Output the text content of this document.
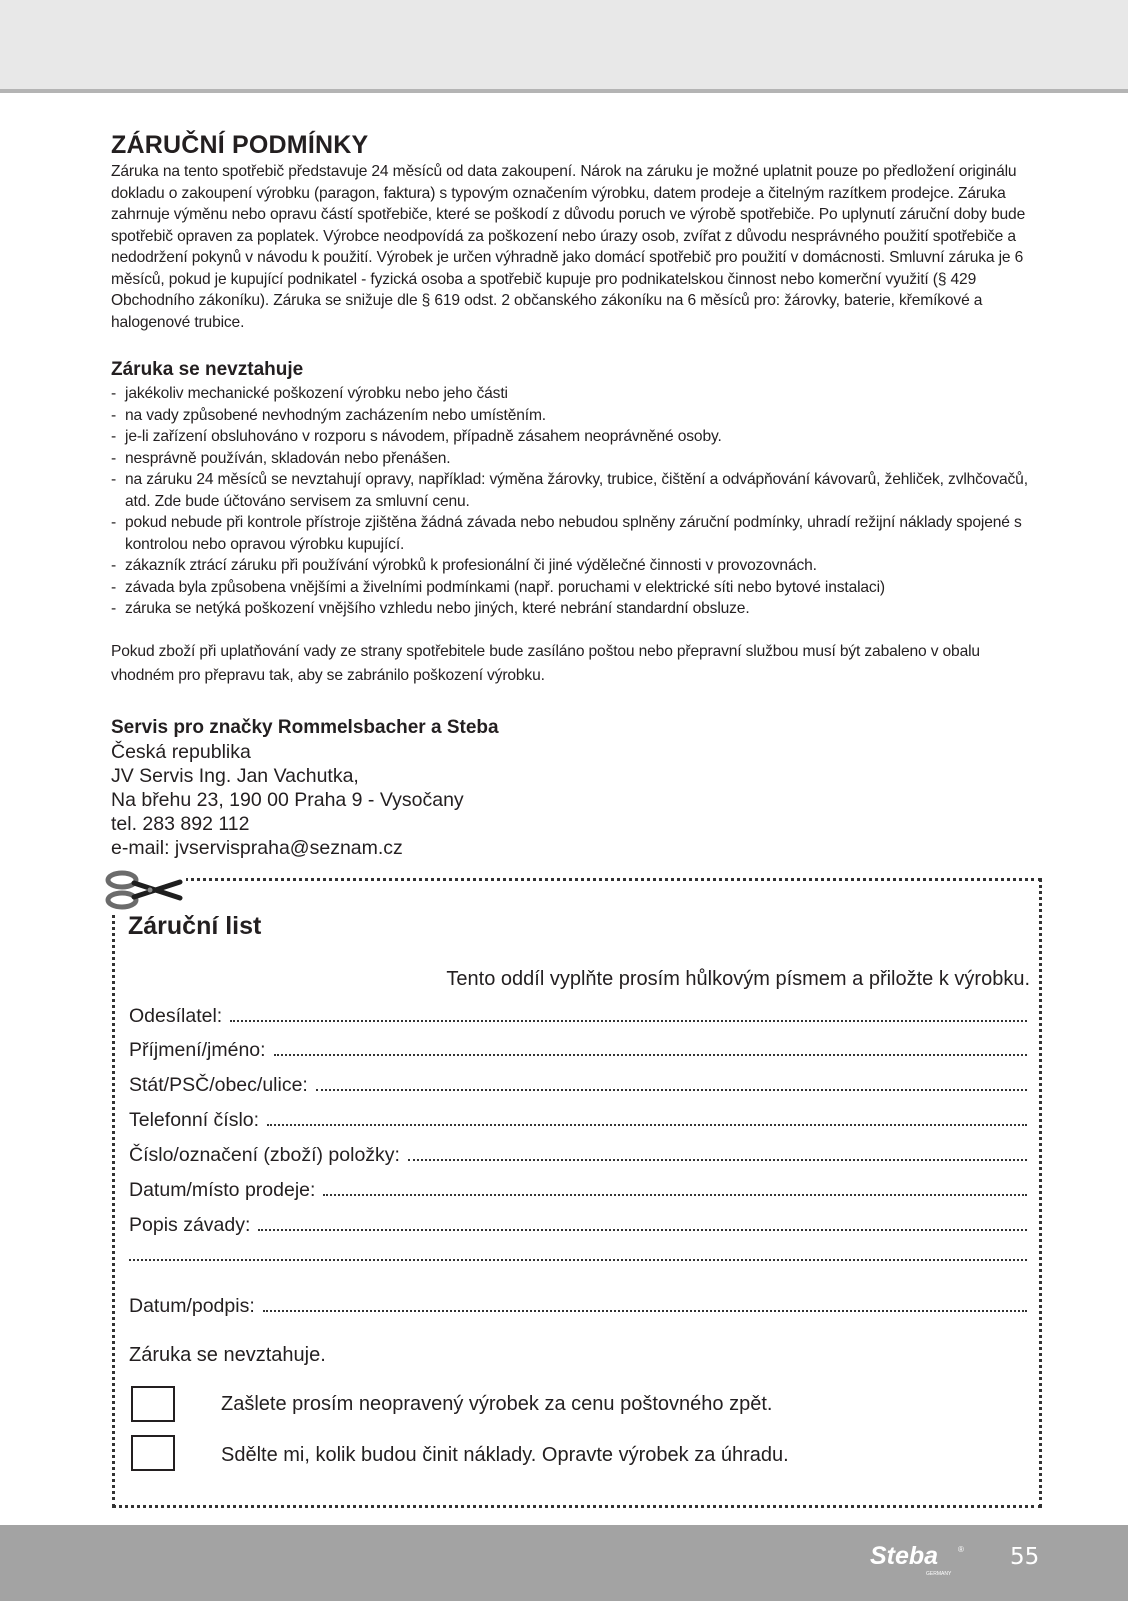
ZÁRUČNÍ PODMÍNKY

Záruka na tento spotřebič představuje 24 měsíců od data zakoupení. Nárok na záruku je možné uplatnit pouze po předložení originálu dokladu o zakoupení výrobku (paragon, faktura) s typovým označením výrobku, datem prodeje a čitelným razítkem prodejce. Záruka zahrnuje výměnu nebo opravu částí spotřebiče, které se poškodí z důvodu poruch ve výrobě spotřebiče. Po uplynutí záruční doby bude spotřebič opraven za poplatek. Výrobce neodpovídá za poškození nebo úrazy osob, zvířat z důvodu nesprávného použití spotřebiče a nedodržení pokynů v návodu k použití. Výrobek je určen výhradně jako domácí spotřebič pro použití v domácnosti. Smluvní záruka je 6 měsíců, pokud je kupující podnikatel - fyzická osoba a spotřebič kupuje pro podnikatelskou činnost nebo komerční využití (§ 429 Obchodního zákoníku). Záruka se snižuje dle § 619 odst. 2 občanského zákoníku na 6 měsíců pro: žárovky, baterie, křemíkové a halogenové trubice.

Záruka se nevztahuje
- jakékoliv mechanické poškození výrobku nebo jeho části
- na vady způsobené nevhodným zacházením nebo umístěním.
- je-li zařízení obsluhováno v rozporu s návodem, případně zásahem neoprávněné osoby.
- nesprávně používán, skladován nebo přenášen.
- na záruku 24 měsíců se nevztahují opravy, například: výměna žárovky, trubice, čištění a odvápňování kávovarů, žehliček, zvlhčovačů, atd. Zde bude účtováno servisem za smluvní cenu.
- pokud nebude při kontrole přístroje zjištěna žádná závada nebo nebudou splněny záruční podmínky, uhradí režijní náklady spojené s kontrolou nebo opravou výrobku kupující.
- zákazník ztrácí záruku při používání výrobků k profesionální či jiné výdělečné činnosti v provozovnách.
- závada byla způsobena vnějšími a živelními podmínkami (např. poruchami v elektrické síti nebo bytové instalaci)
- záruka se netýká poškození vnějšího vzhledu nebo jiných, které nebrání standardní obsluze.

Pokud zboží při uplatňování vady ze strany spotřebitele bude zasíláno poštou nebo přepravní službou musí být zabaleno v obalu vhodném pro přepravu tak, aby se zabránilo poškození výrobku.

Servis pro značky Rommelsbacher a Steba
Česká republika
JV Servis Ing. Jan Vachutka,
Na břehu 23, 190 00 Praha 9 - Vysočany
tel. 283 892 112
e-mail: jvservispraha@seznam.cz
Záruční list
Tento oddíl vyplňte prosím hůlkovým písmem a přiložte k výrobku.
Odesílatel:
Příjmení/jméno:
Stát/PSČ/obec/ulice:
Telefonní číslo:
Číslo/označení (zboží) položky:
Datum/místo prodeje:
Popis závady:
Datum/podpis:
Záruka se nevztahuje.
Zašlete prosím neopravený výrobek za cenu poštovného zpět.
Sdělte mi, kolik budou činit náklady. Opravte výrobek za úhradu.
Steba ®
GERMANY
55
